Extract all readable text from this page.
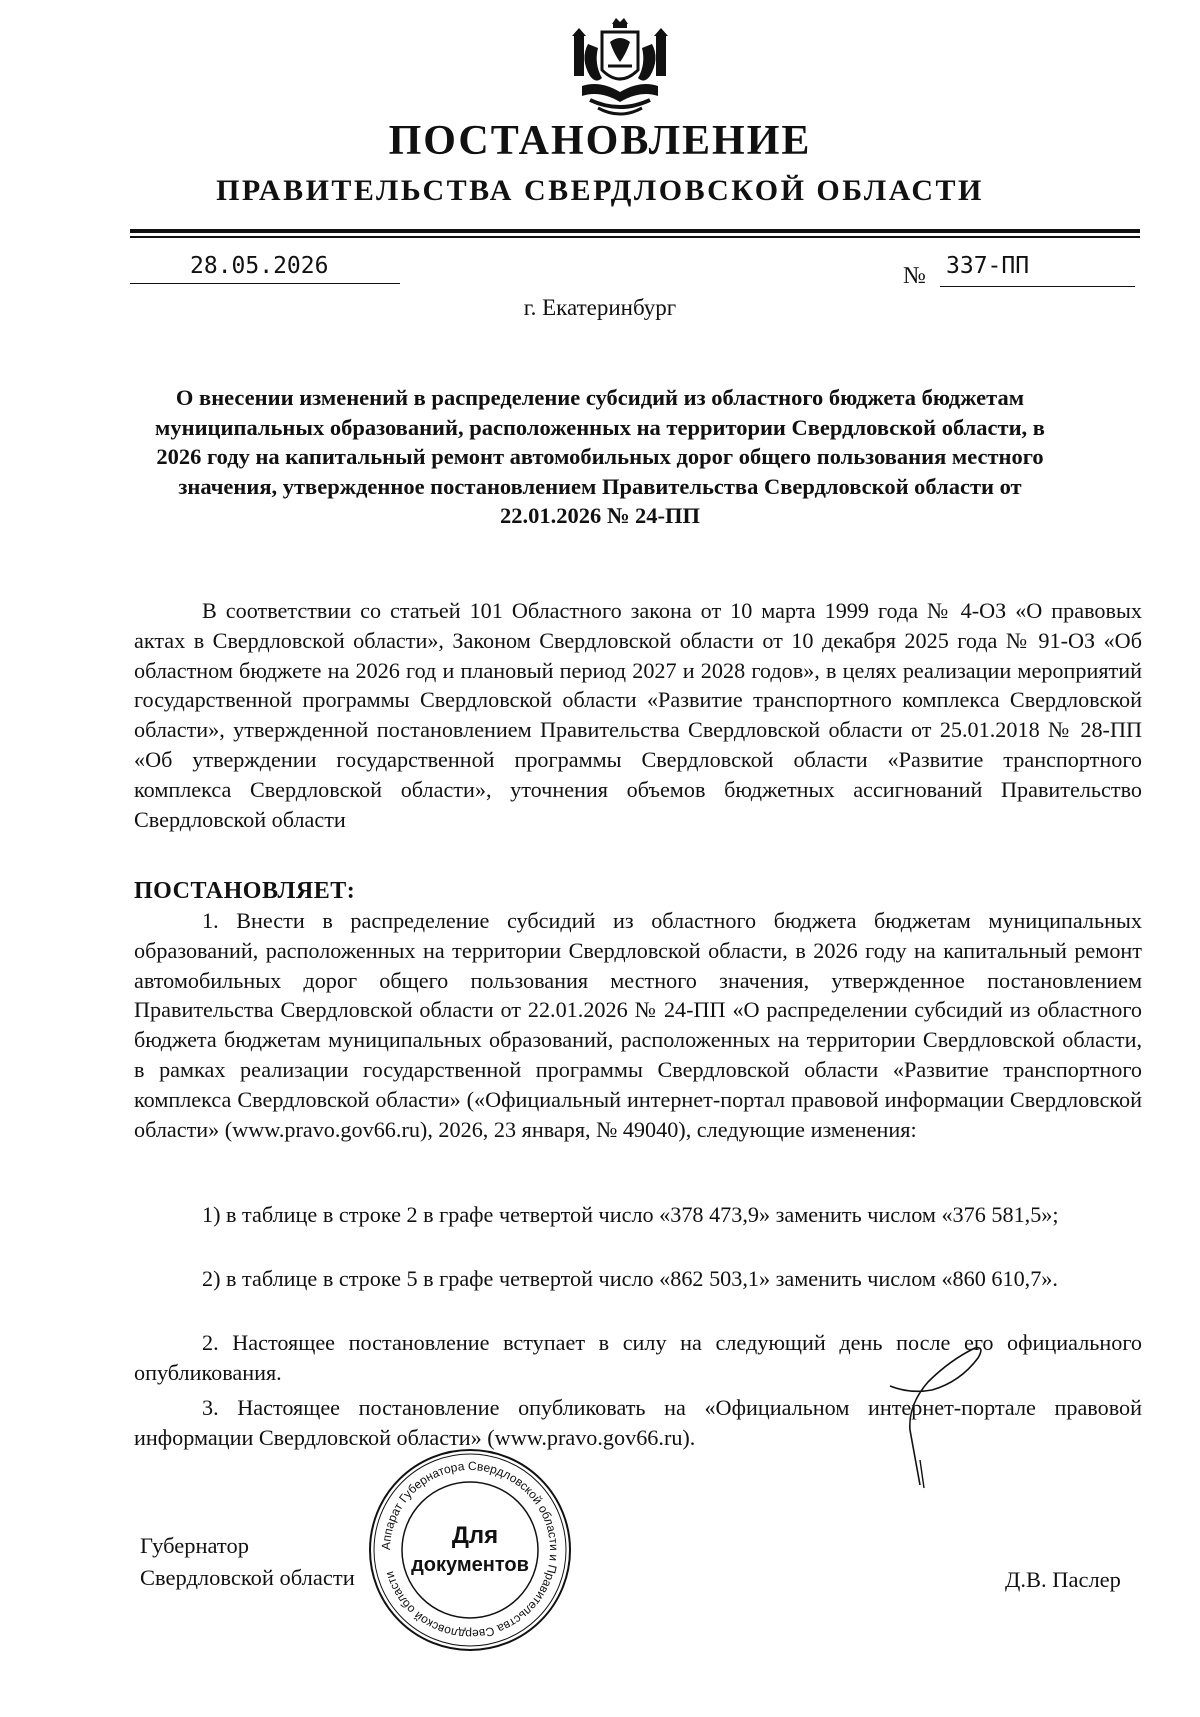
ПОСТАНОВЛЕНИЕ
ПРАВИТЕЛЬСТВА СВЕРДЛОВСКОЙ ОБЛАСТИ
28.05.2026	№ 337-ПП
г. Екатеринбург
О внесении изменений в распределение субсидий из областного бюджета бюджетам муниципальных образований, расположенных на территории Свердловской области, в 2026 году на капитальный ремонт автомобильных дорог общего пользования местного значения, утвержденное постановлением Правительства Свердловской области от 22.01.2026 № 24-ПП
В соответствии со статьей 101 Областного закона от 10 марта 1999 года № 4-ОЗ «О правовых актах в Свердловской области», Законом Свердловской области от 10 декабря 2025 года № 91-ОЗ «Об областном бюджете на 2026 год и плановый период 2027 и 2028 годов», в целях реализации мероприятий государственной программы Свердловской области «Развитие транспортного комплекса Свердловской области», утвержденной постановлением Правительства Свердловской области от 25.01.2018 № 28-ПП «Об утверждении государственной программы Свердловской области «Развитие транспортного комплекса Свердловской области», уточнения объемов бюджетных ассигнований Правительство Свердловской области
ПОСТАНОВЛЯЕТ:
1. Внести в распределение субсидий из областного бюджета бюджетам муниципальных образований, расположенных на территории Свердловской области, в 2026 году на капитальный ремонт автомобильных дорог общего пользования местного значения, утвержденное постановлением Правительства Свердловской области от 22.01.2026 № 24-ПП «О распределении субсидий из областного бюджета бюджетам муниципальных образований, расположенных на территории Свердловской области, в рамках реализации государственной программы Свердловской области «Развитие транспортного комплекса Свердловской области» («Официальный интернет-портал правовой информации Свердловской области» (www.pravo.gov66.ru), 2026, 23 января, № 49040), следующие изменения:
1) в таблице в строке 2 в графе четвертой число «378 473,9» заменить числом «376 581,5»;
2) в таблице в строке 5 в графе четвертой число «862 503,1» заменить числом «860 610,7».
2. Настоящее постановление вступает в силу на следующий день после его официального опубликования.
3. Настоящее постановление опубликовать на «Официальном интернет-портале правовой информации Свердловской области» (www.pravo.gov66.ru).
Губернатор
Свердловской области	Д.В. Паслер
Аппарат Губернатора Свердловской области и Правительства Свердловской области
Для
документов
